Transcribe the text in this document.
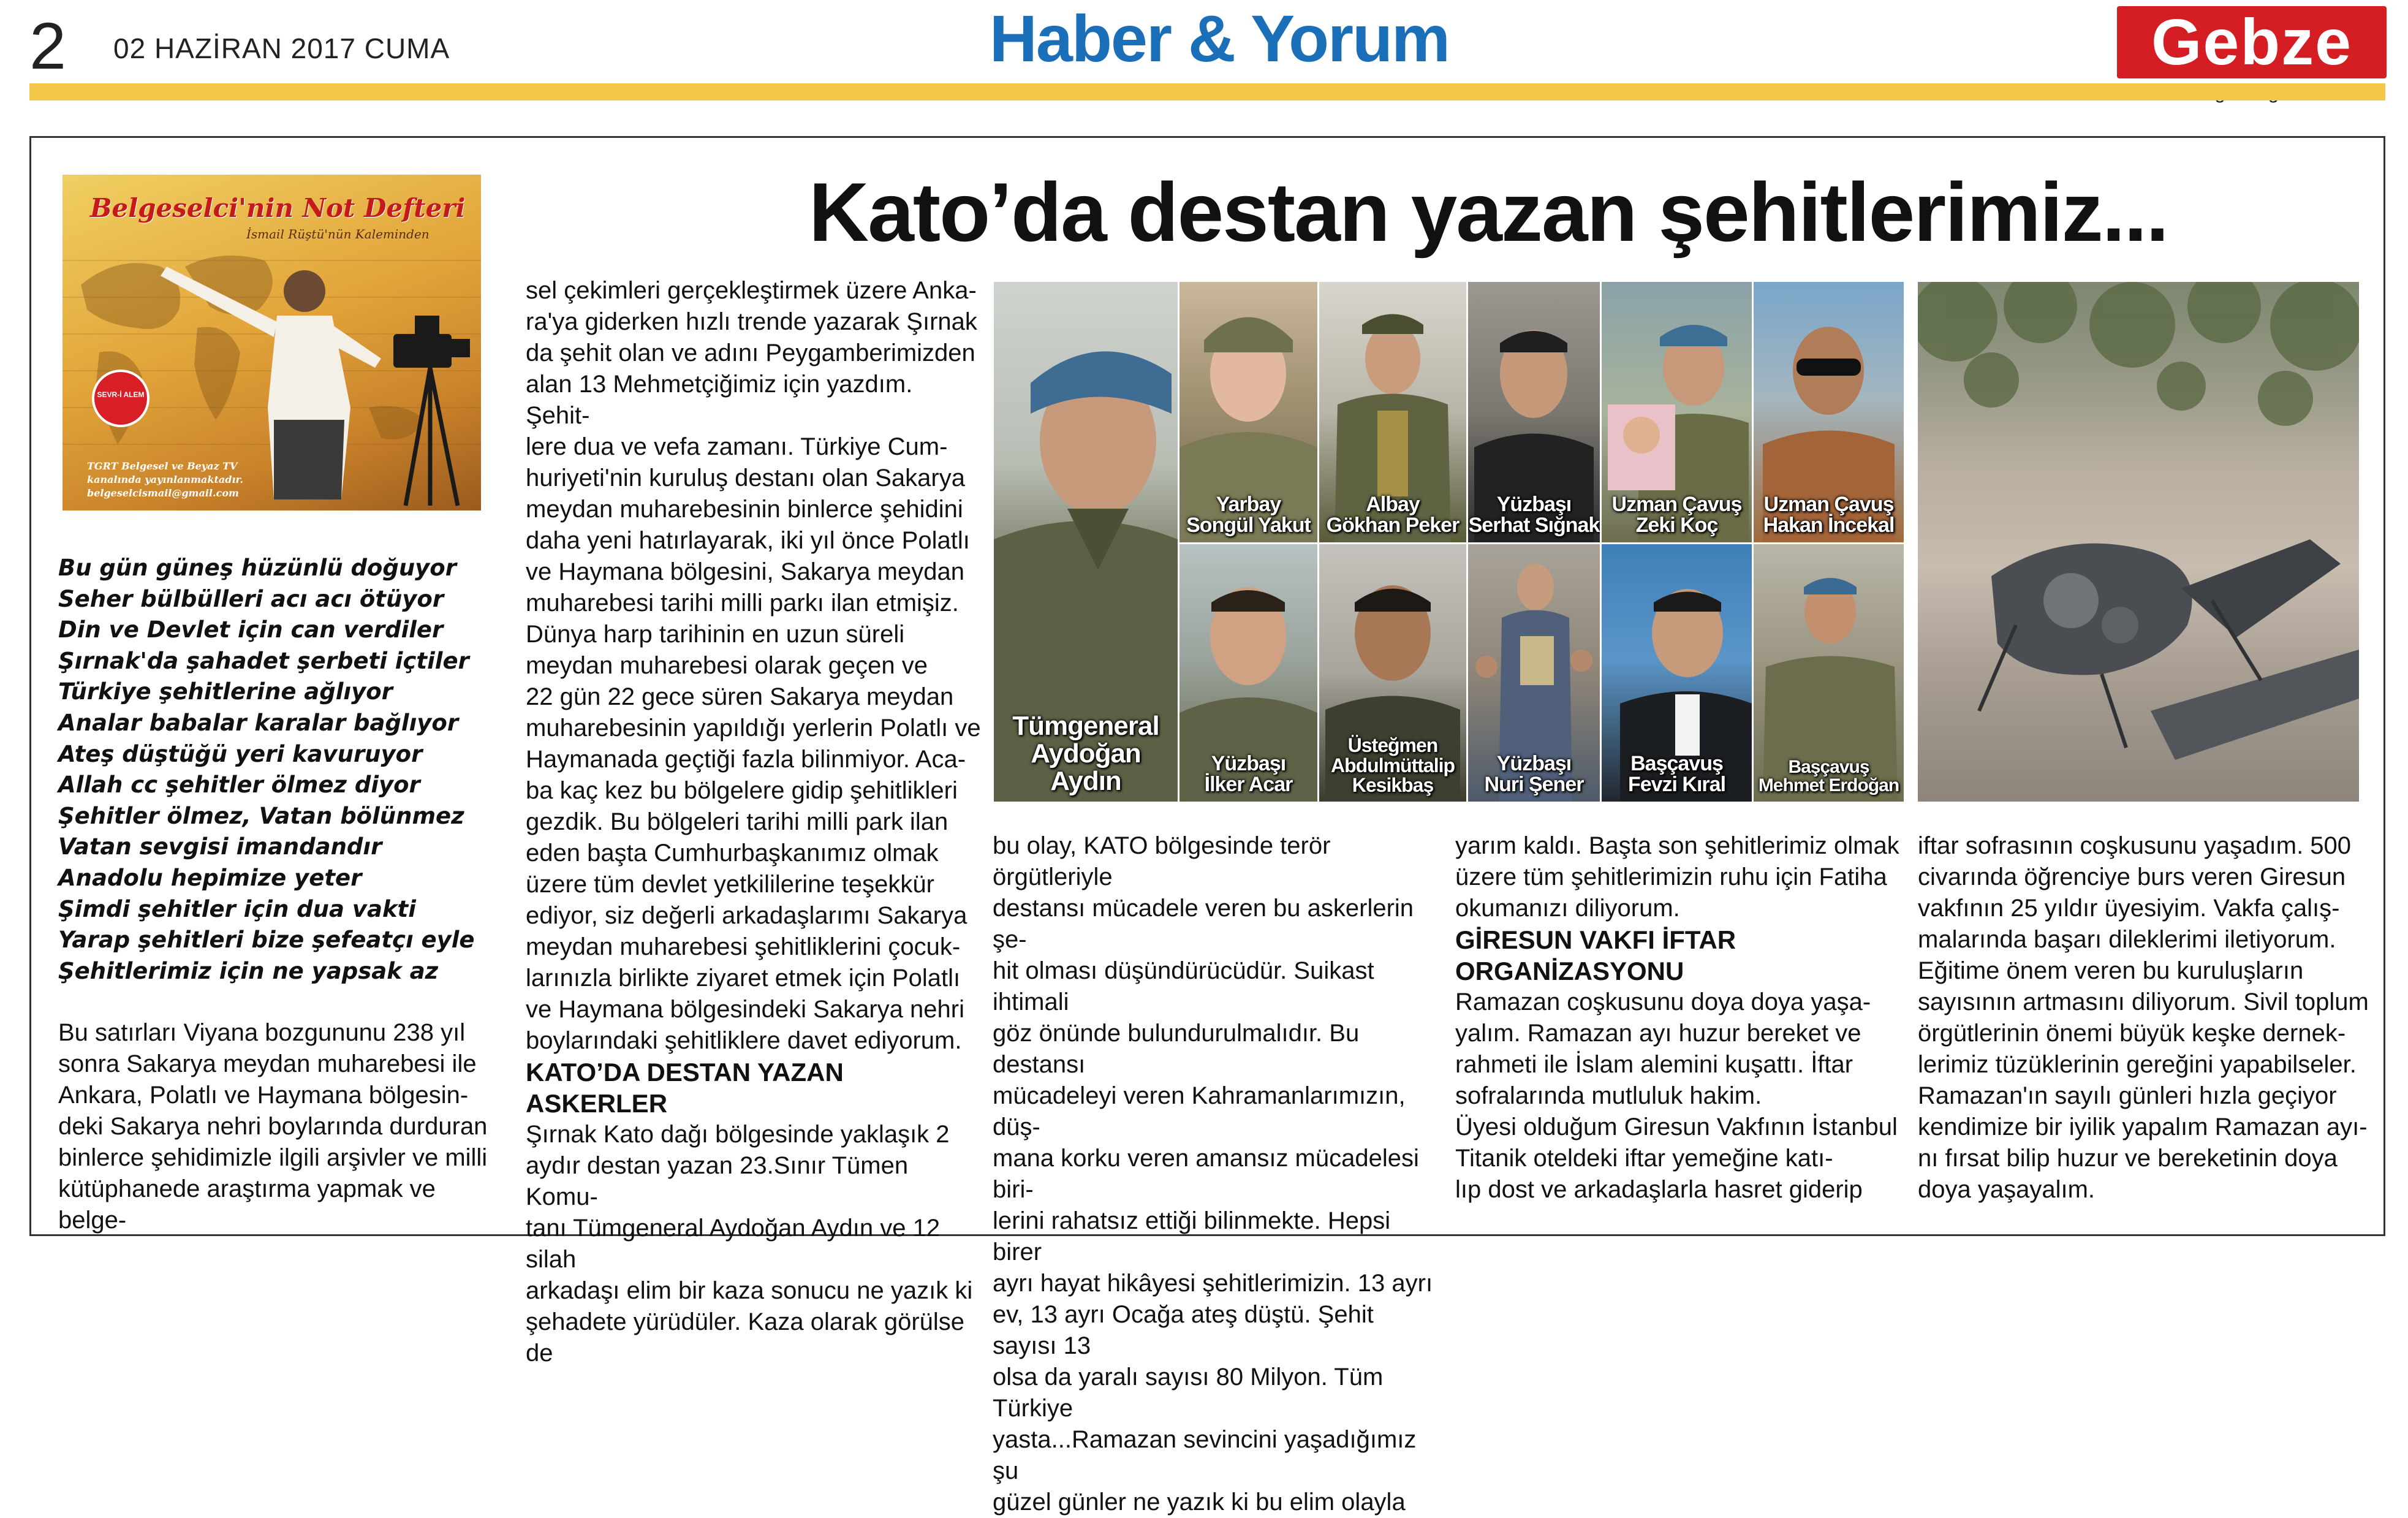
2 02 HAZİRAN 2017 CUMA	Haber & Yorum	Gebze
Belgeselci'nin Not Defteri
İsmail Rüştü'nün Kaleminden
SEVR-İ ALEM
TGRT Belgesel ve Beyaz TV
kanalında yayınlanmaktadır.
belgeselcismail@gmail.com
Kato’da destan yazan şehitlerimiz...
Bu gün güneş hüzünlü doğuyor
Seher bülbülleri acı acı ötüyor
Din ve Devlet için can verdiler
Şırnak'da şahadet şerbeti içtiler
Türkiye şehitlerine ağlıyor
Analar babalar karalar bağlıyor
Ateş düştüğü yeri kavuruyor
Allah cc şehitler ölmez diyor
Şehitler ölmez, Vatan bölünmez
Vatan sevgisi imandandır
Anadolu hepimize yeter
Şimdi şehitler için dua vakti
Yarap şehitleri bize şefeatçı eyle
Şehitlerimiz için ne yapsak az

Bu satırları Viyana bozgununu 238 yıl

sonra Sakarya meydan muharebesi ile

Ankara, Polatlı ve Haymana bölgesin-

deki Sakarya nehri boylarında durduran

binlerce şehidimizle ilgili arşivler ve milli

kütüphanede araştırma yapmak ve belge-

sel çekimleri gerçekleştirmek üzere Anka-

ra'ya giderken hızlı trende yazarak Şırnak

da şehit olan ve adını Peygamberimizden

alan 13 Mehmetçiğimiz için yazdım. Şehit-

lere dua ve vefa zamanı. Türkiye Cum-

huriyeti'nin kuruluş destanı olan Sakarya

meydan muharebesinin binlerce şehidini

daha yeni hatırlayarak, iki yıl önce Polatlı

ve Haymana bölgesini, Sakarya meydan

muharebesi tarihi milli parkı ilan etmişiz.

Dünya harp tarihinin en uzun süreli

meydan muharebesi olarak geçen ve

22 gün 22 gece süren Sakarya meydan

muharebesinin yapıldığı yerlerin Polatlı ve

Haymanada geçtiği fazla bilinmiyor. Aca-

ba kaç kez bu bölgelere gidip şehitlikleri

gezdik. Bu bölgeleri tarihi milli park ilan

eden başta Cumhurbaşkanımız olmak

üzere tüm devlet yetkililerine teşekkür

ediyor, siz değerli arkadaşlarımı Sakarya

meydan muharebesi şehitliklerini çocuk-

larınızla birlikte ziyaret etmek için Polatlı

ve Haymana bölgesindeki Sakarya nehri

boylarındaki şehitliklere davet ediyorum.

KATO’DA DESTAN YAZAN ASKERLER

Şırnak Kato dağı bölgesinde yaklaşık 2

aydır destan yazan 23.Sınır Tümen Komu-

tanı Tümgeneral Aydoğan Aydın ve 12 silah

arkadaşı elim bir kaza sonucu ne yazık ki

şehadete yürüdüler. Kaza olarak görülse de

Tümgeneral
Aydoğan Aydın
Yarbay
Songül Yakut
Albay
Gökhan Peker
Yüzbaşı
Serhat Sığnak
Uzman Çavuş
Zeki Koç
Uzman Çavuş
Hakan İncekal
Yüzbaşı
İlker Acar
Üsteğmen
Abdulmüttalip
Kesikbaş
Yüzbaşı
Nuri Şener
Başçavuş
Fevzi Kıral
Başçavuş
Mehmet Erdoğan

bu olay, KATO bölgesinde terör örgütleriyle

destansı mücadele veren bu askerlerin şe-

hit olması düşündürücüdür. Suikast ihtimali

göz önünde bulundurulmalıdır. Bu destansı

mücadeleyi veren Kahramanlarımızın, düş-

mana korku veren amansız mücadelesi biri-

lerini rahatsız ettiği bilinmekte. Hepsi birer

ayrı hayat hikâyesi şehitlerimizin. 13 ayrı

ev, 13 ayrı Ocağa ateş düştü. Şehit sayısı 13

olsa da yaralı sayısı 80 Milyon. Tüm Türkiye

yasta...Ramazan sevincini yaşadığımız şu

güzel günler ne yazık ki bu elim olayla

yarım kaldı. Başta son şehitlerimiz olmak

üzere tüm şehitlerimizin ruhu için Fatiha

okumanızı diliyorum.

GİRESUN VAKFI İFTAR

ORGANİZASYONU

Ramazan coşkusunu doya doya yaşa-

yalım. Ramazan ayı huzur bereket ve

rahmeti ile İslam alemini kuşattı. İftar

sofralarında mutluluk hakim.

Üyesi olduğum Giresun Vakfının İstanbul

Titanik oteldeki iftar yemeğine katı-

lıp dost ve arkadaşlarla hasret giderip

iftar sofrasının coşkusunu yaşadım. 500

civarında öğrenciye burs veren Giresun

vakfının 25 yıldır üyesiyim. Vakfa çalış-

malarında başarı dileklerimi iletiyorum.

Eğitime önem veren bu kuruluşların

sayısının artmasını diliyorum. Sivil toplum

örgütlerinin önemi büyük keşke dernek-

lerimiz tüzüklerinin gereğini yapabilseler.

Ramazan'ın sayılı günleri hızla geçiyor

kendimize bir iyilik yapalım Ramazan ayı-

nı fırsat bilip huzur ve bereketinin doya

doya yaşayalım.
